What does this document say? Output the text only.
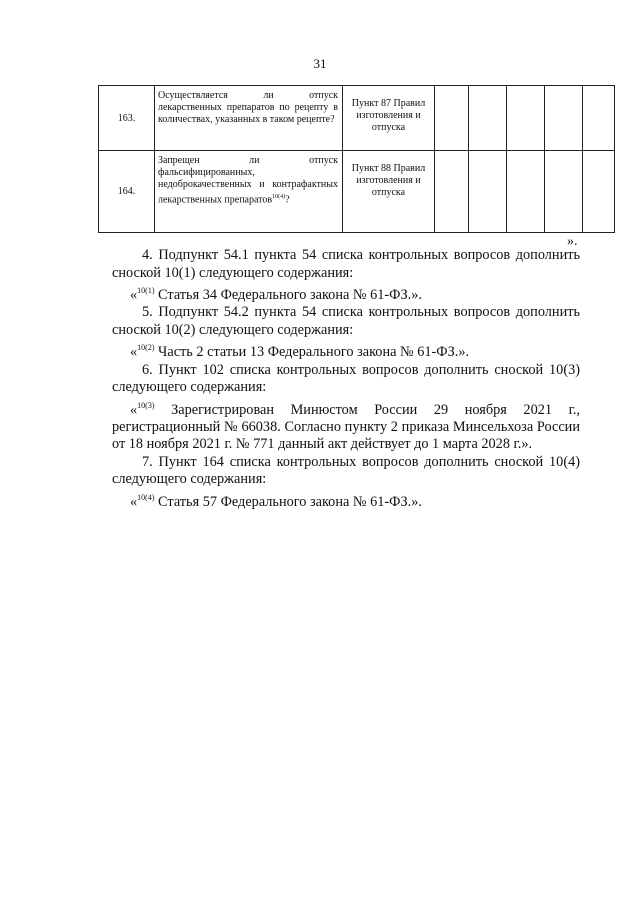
31
163.	Осуществляется ли отпуск лекарственных препаратов по рецепту в количествах, указанных в таком рецепте?	Пункт 87 Правил изготовления и отпуска					
164.	Запрещен ли отпуск фальсифицированных, недоброкачественных и контрафактных лекарственных препаратов$^{10(4)}$?	Пункт 88 Правил изготовления и отпуска					
».

4. Подпункт 54.1 пункта 54 списка контрольных вопросов дополнить сноской 10(1) следующего содержания:

«$^{10(1)}$ Статья 34 Федерального закона № 61-ФЗ.».

5. Подпункт 54.2 пункта 54 списка контрольных вопросов дополнить сноской 10(2) следующего содержания:

«$^{10(2)}$ Часть 2 статьи 13 Федерального закона № 61-ФЗ.».

6. Пункт 102 списка контрольных вопросов дополнить сноской 10(3) следующего содержания:

«$^{10(3)}$ Зарегистрирован Минюстом России 29 ноября 2021 г., регистрационный № 66038. Согласно пункту 2 приказа Минсельхоза России от 18 ноября 2021 г. № 771 данный акт действует до 1 марта 2028 г.».

7. Пункт 164 списка контрольных вопросов дополнить сноской 10(4) следующего содержания:

«$^{10(4)}$ Статья 57 Федерального закона № 61-ФЗ.».
